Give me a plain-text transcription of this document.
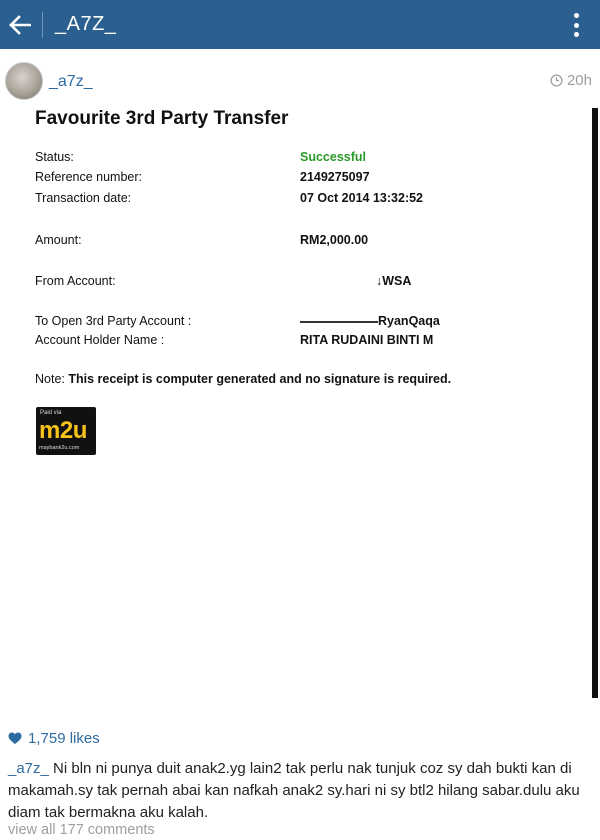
_A7Z_
_a7z_	20h
Favourite 3rd Party Transfer
Status:	Successful
Reference number:	2149275097
Transaction date:	07 Oct 2014 13:32:52
Amount:	RM2,000.00
From Account:	↓WSA
To Open 3rd Party Account :	RyanQaqa
Account Holder Name :	RITA RUDAINI BINTI M
Note: This receipt is computer generated and no signature is required.
Paid via
m2u
maybank2u.com
1,759 likes
_a7z_ Ni bln ni punya duit anak2.yg lain2 tak perlu nak tunjuk coz sy dah bukti kan di makamah.sy tak pernah abai kan nafkah anak2 sy.hari ni sy btl2 hilang sabar.dulu aku diam tak bermakna aku kalah.
view all 177 comments
